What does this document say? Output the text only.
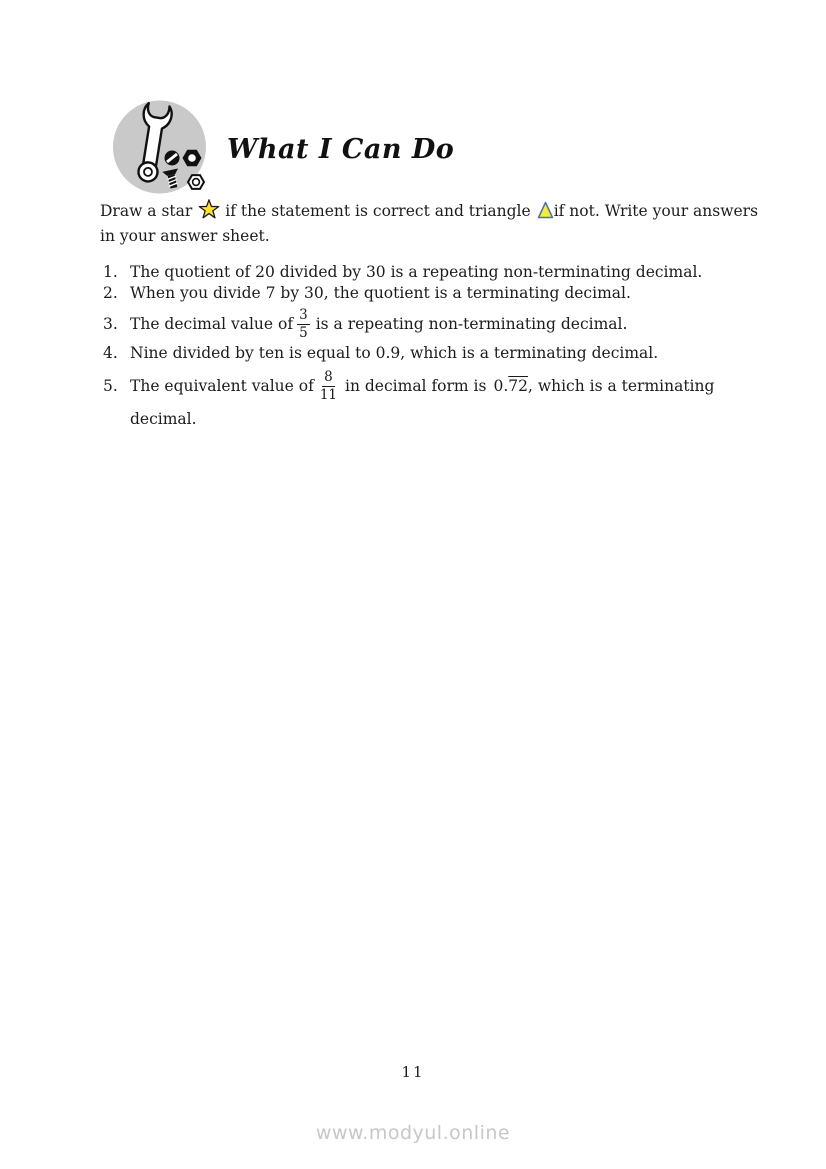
What I Can Do
Draw a star if the statement is correct and triangle if not. Write your answers
in your answer sheet.
1. The quotient of 20 divided by 30 is a repeating non-terminating decimal.
2. When you divide 7 by 30, the quotient is a terminating decimal.
3. The decimal value of $\frac{3}{5}$ is a repeating non-terminating decimal.
4. Nine divided by ten is equal to 0.9, which is a terminating decimal.
5. The equivalent value of $\frac{8}{11}$ in decimal form is 0.72 , which is a terminating
decimal.
11
www.modyul.online
